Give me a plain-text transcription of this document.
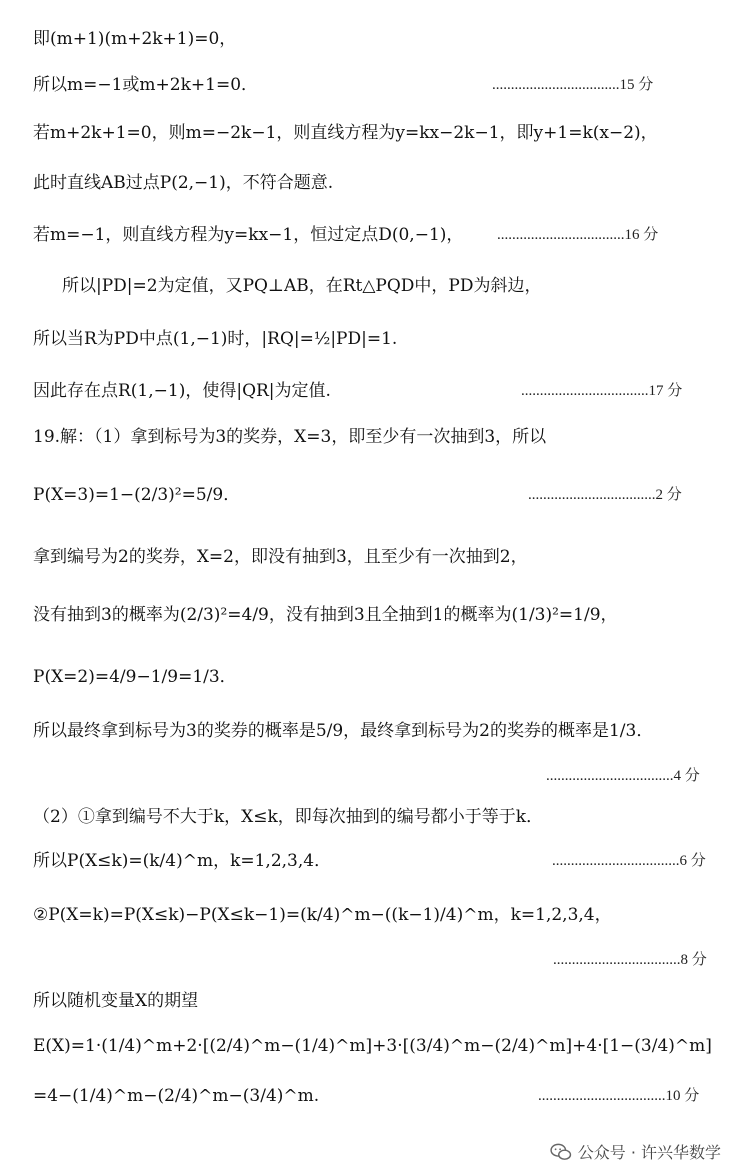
即(m+1)(m+2k+1)=0，
所以m=−1或m+2k+1=0．	..................................15 分
若m+2k+1=0，则m=−2k−1，则直线方程为y=kx−2k−1，即y+1=k(x−2)，
此时直线AB过点P(2,−1)，不符合题意.
若m=−1，则直线方程为y=kx−1，恒过定点D(0,−1)， ..................................16 分
所以|PD|=2为定值，又PQ⊥AB，在Rt△PQD中，PD为斜边，
所以当R为PD中点(1,−1)时，|RQ|=½|PD|=1.
因此存在点R(1,−1)，使得|QR|为定值.	..................................17 分
19.解：（1）拿到标号为3的奖券，X=3，即至少有一次抽到3，所以
P(X=3)=1−(2/3)²=5/9．	..................................2 分
拿到编号为2的奖券，X=2，即没有抽到3，且至少有一次抽到2，
没有抽到3的概率为(2/3)²=4/9，没有抽到3且全抽到1的概率为(1/3)²=1/9，
P(X=2)=4/9−1/9=1/3．
所以最终拿到标号为3的奖券的概率是5/9，最终拿到标号为2的奖券的概率是1/3．
..................................4 分
（2）①拿到编号不大于k，X≤k，即每次抽到的编号都小于等于k．
所以P(X≤k)=(k/4)^m，k=1,2,3,4．	..................................6 分
②P(X=k)=P(X≤k)−P(X≤k−1)=(k/4)^m−((k−1)/4)^m，k=1,2,3,4，
..................................8 分
所以随机变量X的期望
E(X)=1·(1/4)^m+2·[(2/4)^m−(1/4)^m]+3·[(3/4)^m−(2/4)^m]+4·[1−(3/4)^m]
=4−(1/4)^m−(2/4)^m−(3/4)^m.	..................................10 分
公众号 · 许兴华数学
